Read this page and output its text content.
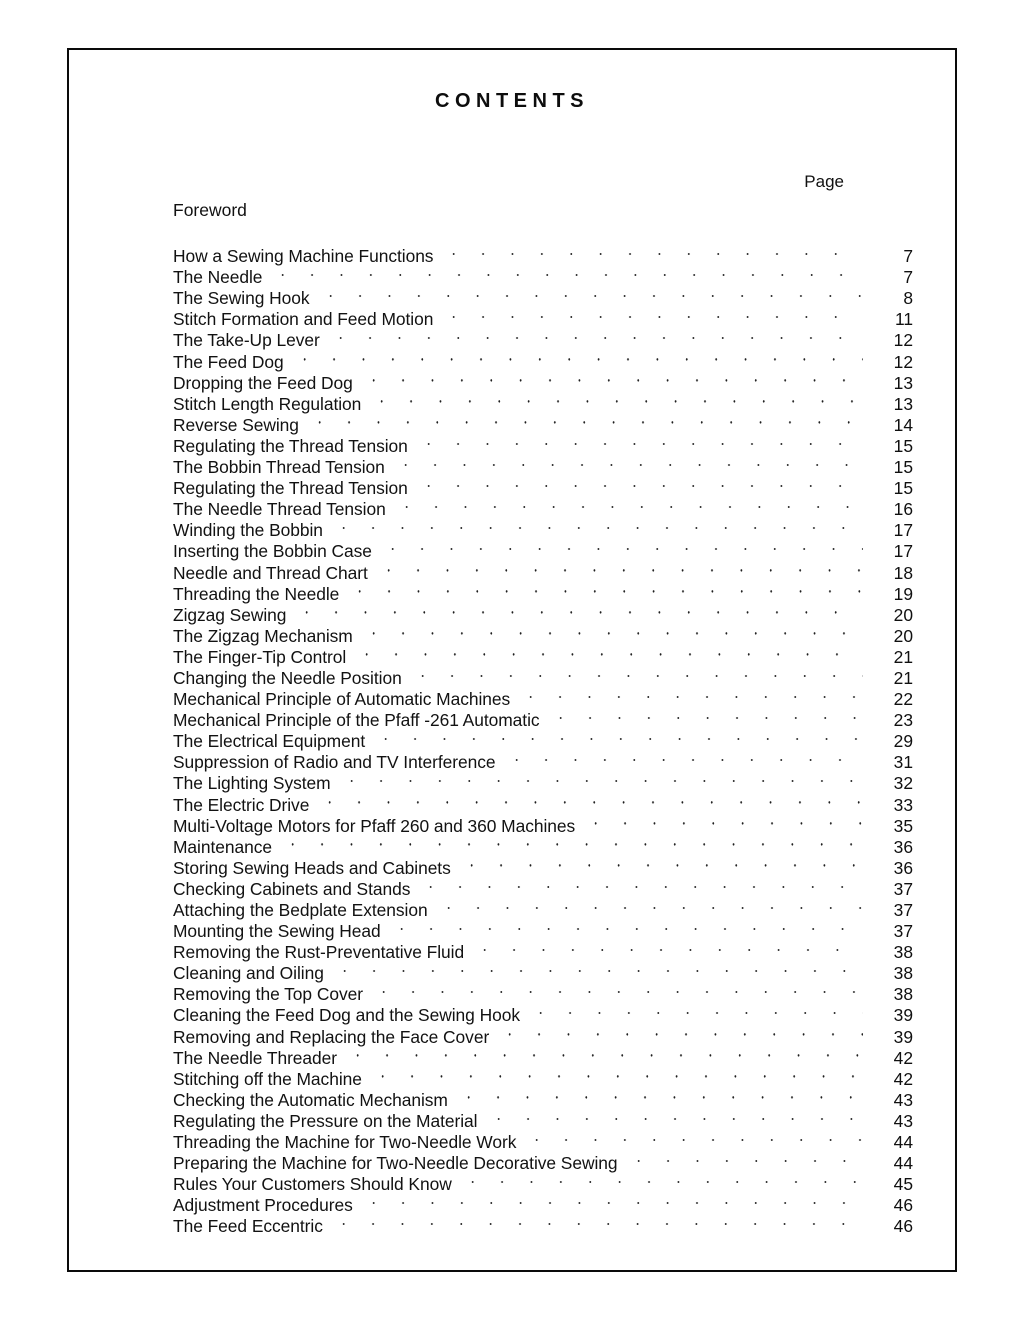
CONTENTS
Page
Foreword
How a Sewing Machine Functions	7
The Needle	7
The Sewing Hook	8
Stitch Formation and Feed Motion	11
The Take-Up Lever	12
The Feed Dog	12
Dropping the Feed Dog	13
Stitch Length Regulation	13
Reverse Sewing	14
Regulating the Thread Tension	15
The Bobbin Thread Tension	15
Regulating the Thread Tension	15
The Needle Thread Tension	16
Winding the Bobbin	17
Inserting the Bobbin Case	17
Needle and Thread Chart	18
Threading the Needle	19
Zigzag Sewing	20
The Zigzag Mechanism	20
The Finger-Tip Control	21
Changing the Needle Position	21
Mechanical Principle of Automatic Machines	22
Mechanical Principle of the Pfaff -261 Automatic	23
The Electrical Equipment	29
Suppression of Radio and TV Interference	31
The Lighting System	32
The Electric Drive	33
Multi-Voltage Motors for Pfaff 260 and 360 Machines	35
Maintenance	36
Storing Sewing Heads and Cabinets	36
Checking Cabinets and Stands	37
Attaching the Bedplate Extension	37
Mounting the Sewing Head	37
Removing the Rust-Preventative Fluid	38
Cleaning and Oiling	38
Removing the Top Cover	38
Cleaning the Feed Dog and the Sewing Hook	39
Removing and Replacing the Face Cover	39
The Needle Threader	42
Stitching off the Machine	42
Checking the Automatic Mechanism	43
Regulating the Pressure on the Material	43
Threading the Machine for Two-Needle Work	44
Preparing the Machine for Two-Needle Decorative Sewing	44
Rules Your Customers Should Know	45
Adjustment Procedures	46
The Feed Eccentric	46
